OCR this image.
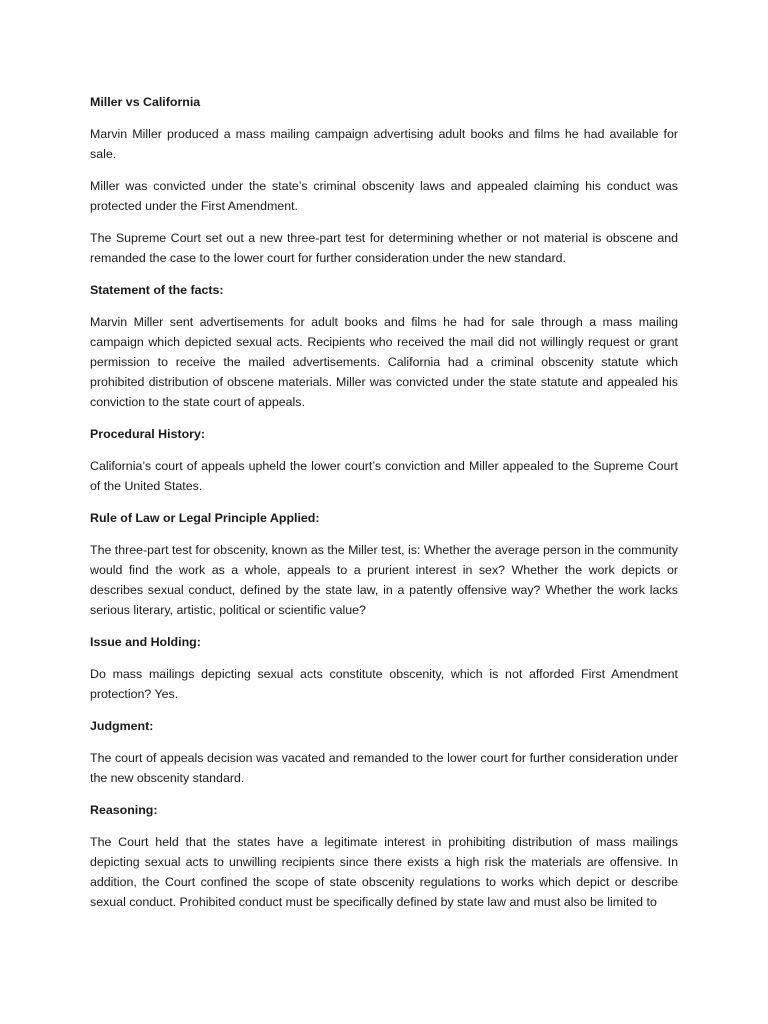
Miller vs California

Marvin Miller produced a mass mailing campaign advertising adult books and films he had available for sale.

Miller was convicted under the state’s criminal obscenity laws and appealed claiming his conduct was protected under the First Amendment.

The Supreme Court set out a new three-part test for determining whether or not material is obscene and remanded the case to the lower court for further consideration under the new standard.

Statement of the facts:

Marvin Miller sent advertisements for adult books and films he had for sale through a mass mailing campaign which depicted sexual acts. Recipients who received the mail did not willingly request or grant permission to receive the mailed advertisements. California had a criminal obscenity statute which prohibited distribution of obscene materials. Miller was convicted under the state statute and appealed his conviction to the state court of appeals.

Procedural History:

California’s court of appeals upheld the lower court’s conviction and Miller appealed to the Supreme Court of the United States.

Rule of Law or Legal Principle Applied:

The three-part test for obscenity, known as the Miller test, is: Whether the average person in the community would find the work as a whole, appeals to a prurient interest in sex? Whether the work depicts or describes sexual conduct, defined by the state law, in a patently offensive way? Whether the work lacks serious literary, artistic, political or scientific value?

Issue and Holding:

Do mass mailings depicting sexual acts constitute obscenity, which is not afforded First Amendment protection? Yes.

Judgment:

The court of appeals decision was vacated and remanded to the lower court for further consideration under the new obscenity standard.

Reasoning:

The Court held that the states have a legitimate interest in prohibiting distribution of mass mailings depicting sexual acts to unwilling recipients since there exists a high risk the materials are offensive. In addition, the Court confined the scope of state obscenity regulations to works which depict or describe sexual conduct. Prohibited conduct must be specifically defined by state law and must also be limited to
